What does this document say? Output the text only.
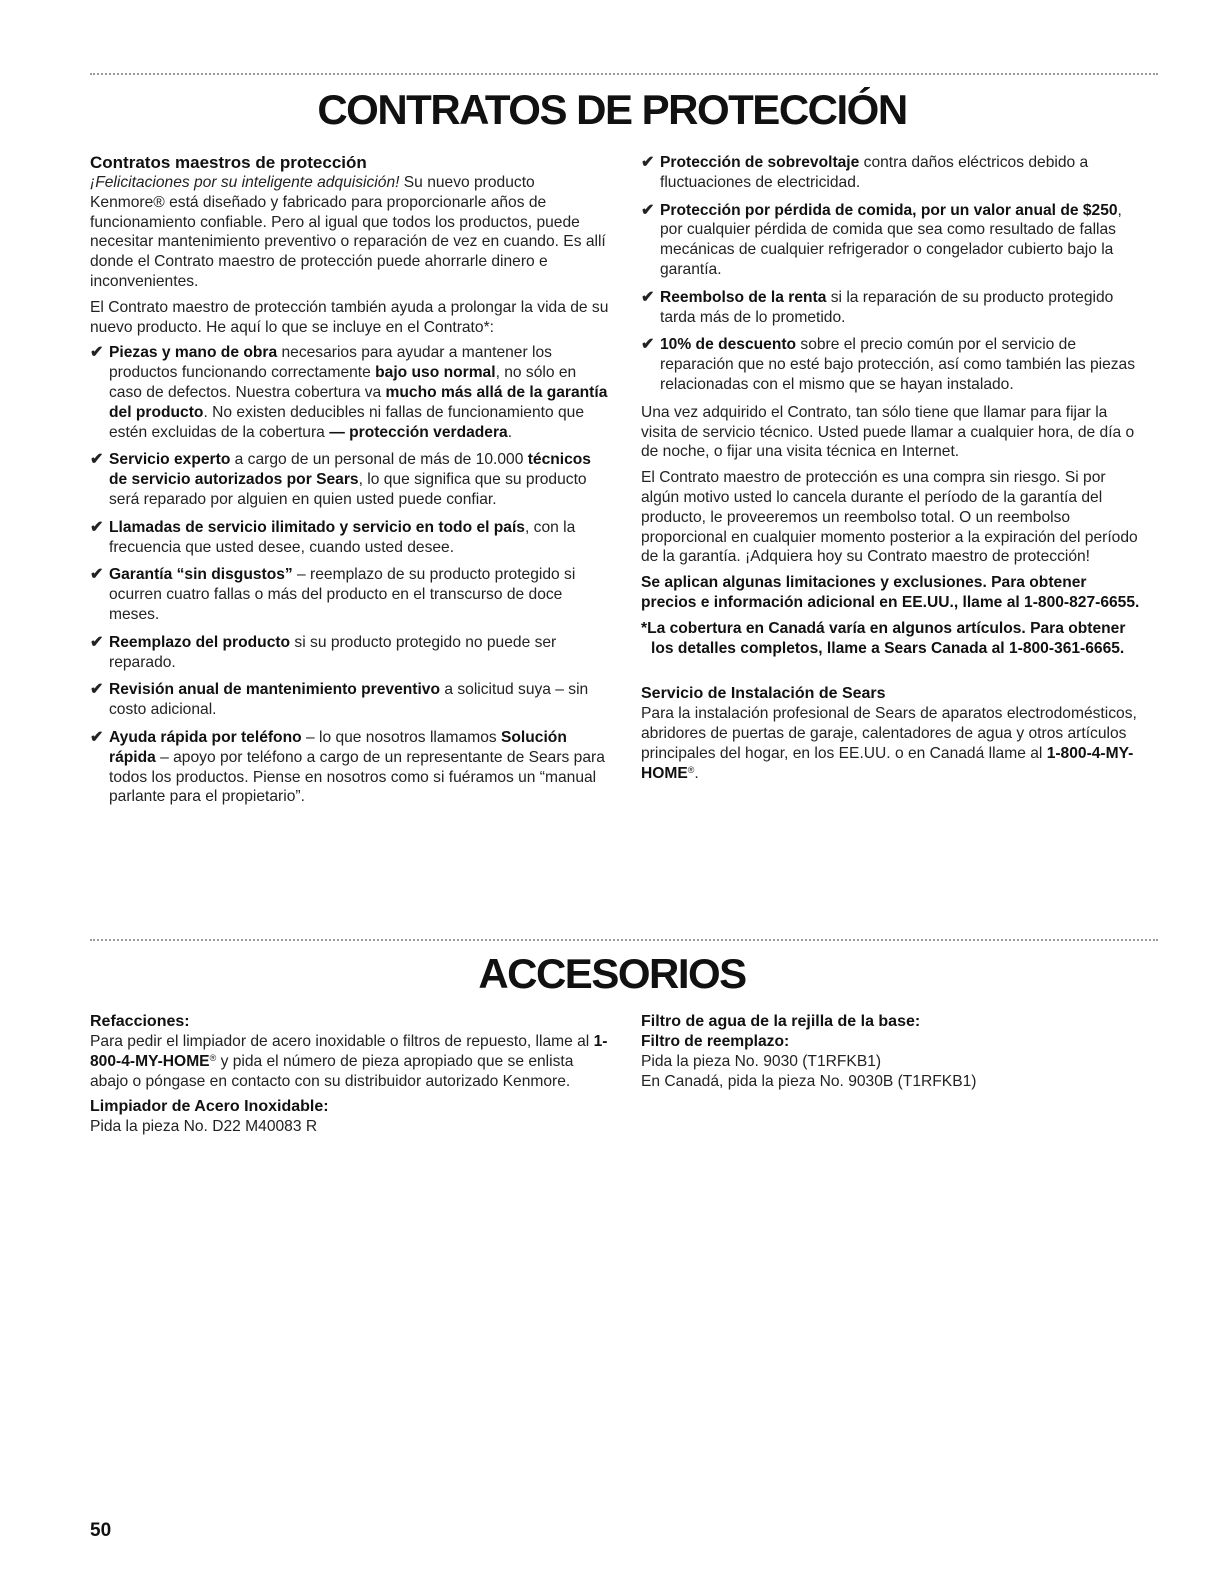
CONTRATOS DE PROTECCIÓN
Contratos maestros de protección

¡Felicitaciones por su inteligente adquisición! Su nuevo producto Kenmore® está diseñado y fabricado para proporcionarle años de funcionamiento confiable. Pero al igual que todos los productos, puede necesitar mantenimiento preventivo o reparación de vez en cuando. Es allí donde el Contrato maestro de protección puede ahorrarle dinero e inconvenientes.

El Contrato maestro de protección también ayuda a prolongar la vida de su nuevo producto. He aquí lo que se incluye en el Contrato*:

✔ Piezas y mano de obra necesarios para ayudar a mantener los productos funcionando correctamente bajo uso normal, no sólo en caso de defectos. Nuestra cobertura va mucho más allá de la garantía del producto. No existen deducibles ni fallas de funcionamiento que estén excluidas de la cobertura — protección verdadera.
✔ Servicio experto a cargo de un personal de más de 10.000 técnicos de servicio autorizados por Sears, lo que significa que su producto será reparado por alguien en quien usted puede confiar.
✔ Llamadas de servicio ilimitado y servicio en todo el país, con la frecuencia que usted desee, cuando usted desee.
✔ Garantía “sin disgustos” – reemplazo de su producto protegido si ocurren cuatro fallas o más del producto en el transcurso de doce meses.
✔ Reemplazo del producto si su producto protegido no puede ser reparado.
✔ Revisión anual de mantenimiento preventivo a solicitud suya – sin costo adicional.
✔ Ayuda rápida por teléfono – lo que nosotros llamamos Solución rápida – apoyo por teléfono a cargo de un representante de Sears para todos los productos. Piense en nosotros como si fuéramos un “manual parlante para el propietario”.
✔ Protección de sobrevoltaje contra daños eléctricos debido a fluctuaciones de electricidad.
✔ Protección por pérdida de comida, por un valor anual de $250, por cualquier pérdida de comida que sea como resultado de fallas mecánicas de cualquier refrigerador o congelador cubierto bajo la garantía.
✔ Reembolso de la renta si la reparación de su producto protegido tarda más de lo prometido.
✔ 10% de descuento sobre el precio común por el servicio de reparación que no esté bajo protección, así como también las piezas relacionadas con el mismo que se hayan instalado.

Una vez adquirido el Contrato, tan sólo tiene que llamar para fijar la visita de servicio técnico. Usted puede llamar a cualquier hora, de día o de noche, o fijar una visita técnica en Internet.

El Contrato maestro de protección es una compra sin riesgo. Si por algún motivo usted lo cancela durante el período de la garantía del producto, le proveeremos un reembolso total. O un reembolso proporcional en cualquier momento posterior a la expiración del período de la garantía. ¡Adquiera hoy su Contrato maestro de protección!

Se aplican algunas limitaciones y exclusiones. Para obtener precios e información adicional en EE.UU., llame al 1-800-827-6655.

*La cobertura en Canadá varía en algunos artículos. Para obtener los detalles completos, llame a Sears Canada al 1-800-361-6665.

Servicio de Instalación de Sears

Para la instalación profesional de Sears de aparatos electrodomésticos, abridores de puertas de garaje, calentadores de agua y otros artículos principales del hogar, en los EE.UU. o en Canadá llame al 1-800-4-MY-HOME®.

ACCESORIOS
Refacciones:

Para pedir el limpiador de acero inoxidable o filtros de repuesto, llame al 1-800-4-MY-HOME® y pida el número de pieza apropiado que se enlista abajo o póngase en contacto con su distribuidor autorizado Kenmore.

Limpiador de Acero Inoxidable:

Pida la pieza No. D22 M40083 R

Filtro de agua de la rejilla de la base:
Filtro de reemplazo:
Pida la pieza No. 9030 (T1RFKB1)
En Canadá, pida la pieza No. 9030B (T1RFKB1)
50
